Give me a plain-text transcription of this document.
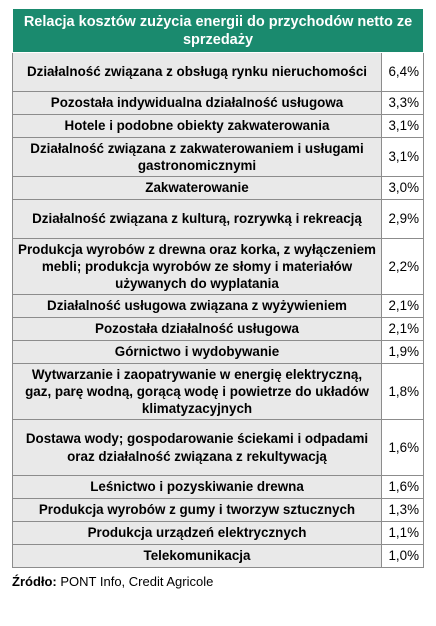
Relacja kosztów zużycia energii do przychodów netto ze sprzedaży	
Działalność związana z obsługą rynku nieruchomości	6,4%
Pozostała indywidualna działalność usługowa	3,3%
Hotele i podobne obiekty zakwaterowania	3,1%
Działalność związana z zakwaterowaniem i usługami gastronomicznymi	3,1%
Zakwaterowanie	3,0%
Działalność związana z kulturą, rozrywką i rekreacją	2,9%
Produkcja wyrobów z drewna oraz korka, z wyłączeniem mebli; produkcja wyrobów ze słomy i materiałów używanych do wyplatania	2,2%
Działalność usługowa związana z wyżywieniem	2,1%
Pozostała działalność usługowa	2,1%
Górnictwo i wydobywanie	1,9%
Wytwarzanie i zaopatrywanie w energię elektryczną, gaz, parę wodną, gorącą wodę i powietrze do układów klimatyzacyjnych	1,8%
Dostawa wody; gospodarowanie ściekami i odpadami oraz działalność związana z rekultywacją	1,6%
Leśnictwo i pozyskiwanie drewna	1,6%
Produkcja wyrobów z gumy i tworzyw sztucznych	1,3%
Produkcja urządzeń elektrycznych	1,1%
Telekomunikacja	1,0%
Źródło: PONT Info, Credit Agricole
